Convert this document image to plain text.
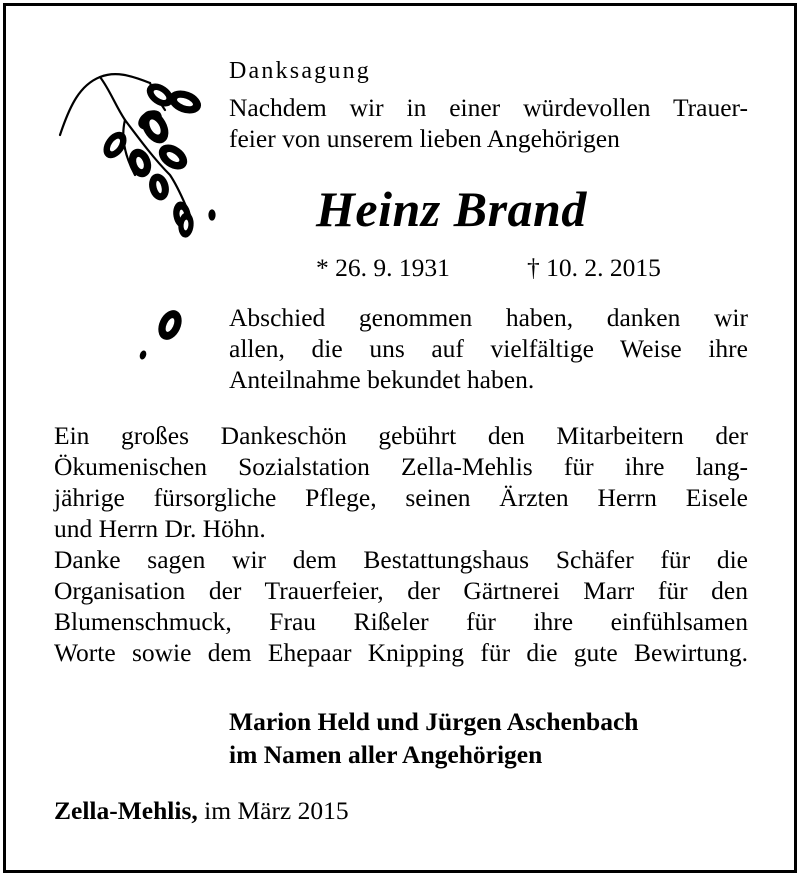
Danksagung
Nachdem wir in einer würdevollen Trauer-
feier von unserem lieben Angehörigen
Heinz Brand
* 26. 9. 1931	† 10. 2. 2015
Abschied genommen haben, danken wir
allen, die uns auf vielfältige Weise ihre
Anteilnahme bekundet haben.
Ein großes Dankeschön gebührt den Mitarbeitern der
Ökumenischen Sozialstation Zella-Mehlis für ihre lang-
jährige fürsorgliche Pflege, seinen Ärzten Herrn Eisele
und Herrn Dr. Höhn.
Danke sagen wir dem Bestattungshaus Schäfer für die
Organisation der Trauerfeier, der Gärtnerei Marr für den
Blumenschmuck, Frau Rißeler für ihre einfühlsamen
Worte sowie dem Ehepaar Knipping für die gute Bewirtung.
Marion Held und Jürgen Aschenbach
im Namen aller Angehörigen
Zella-Mehlis, im März 2015
